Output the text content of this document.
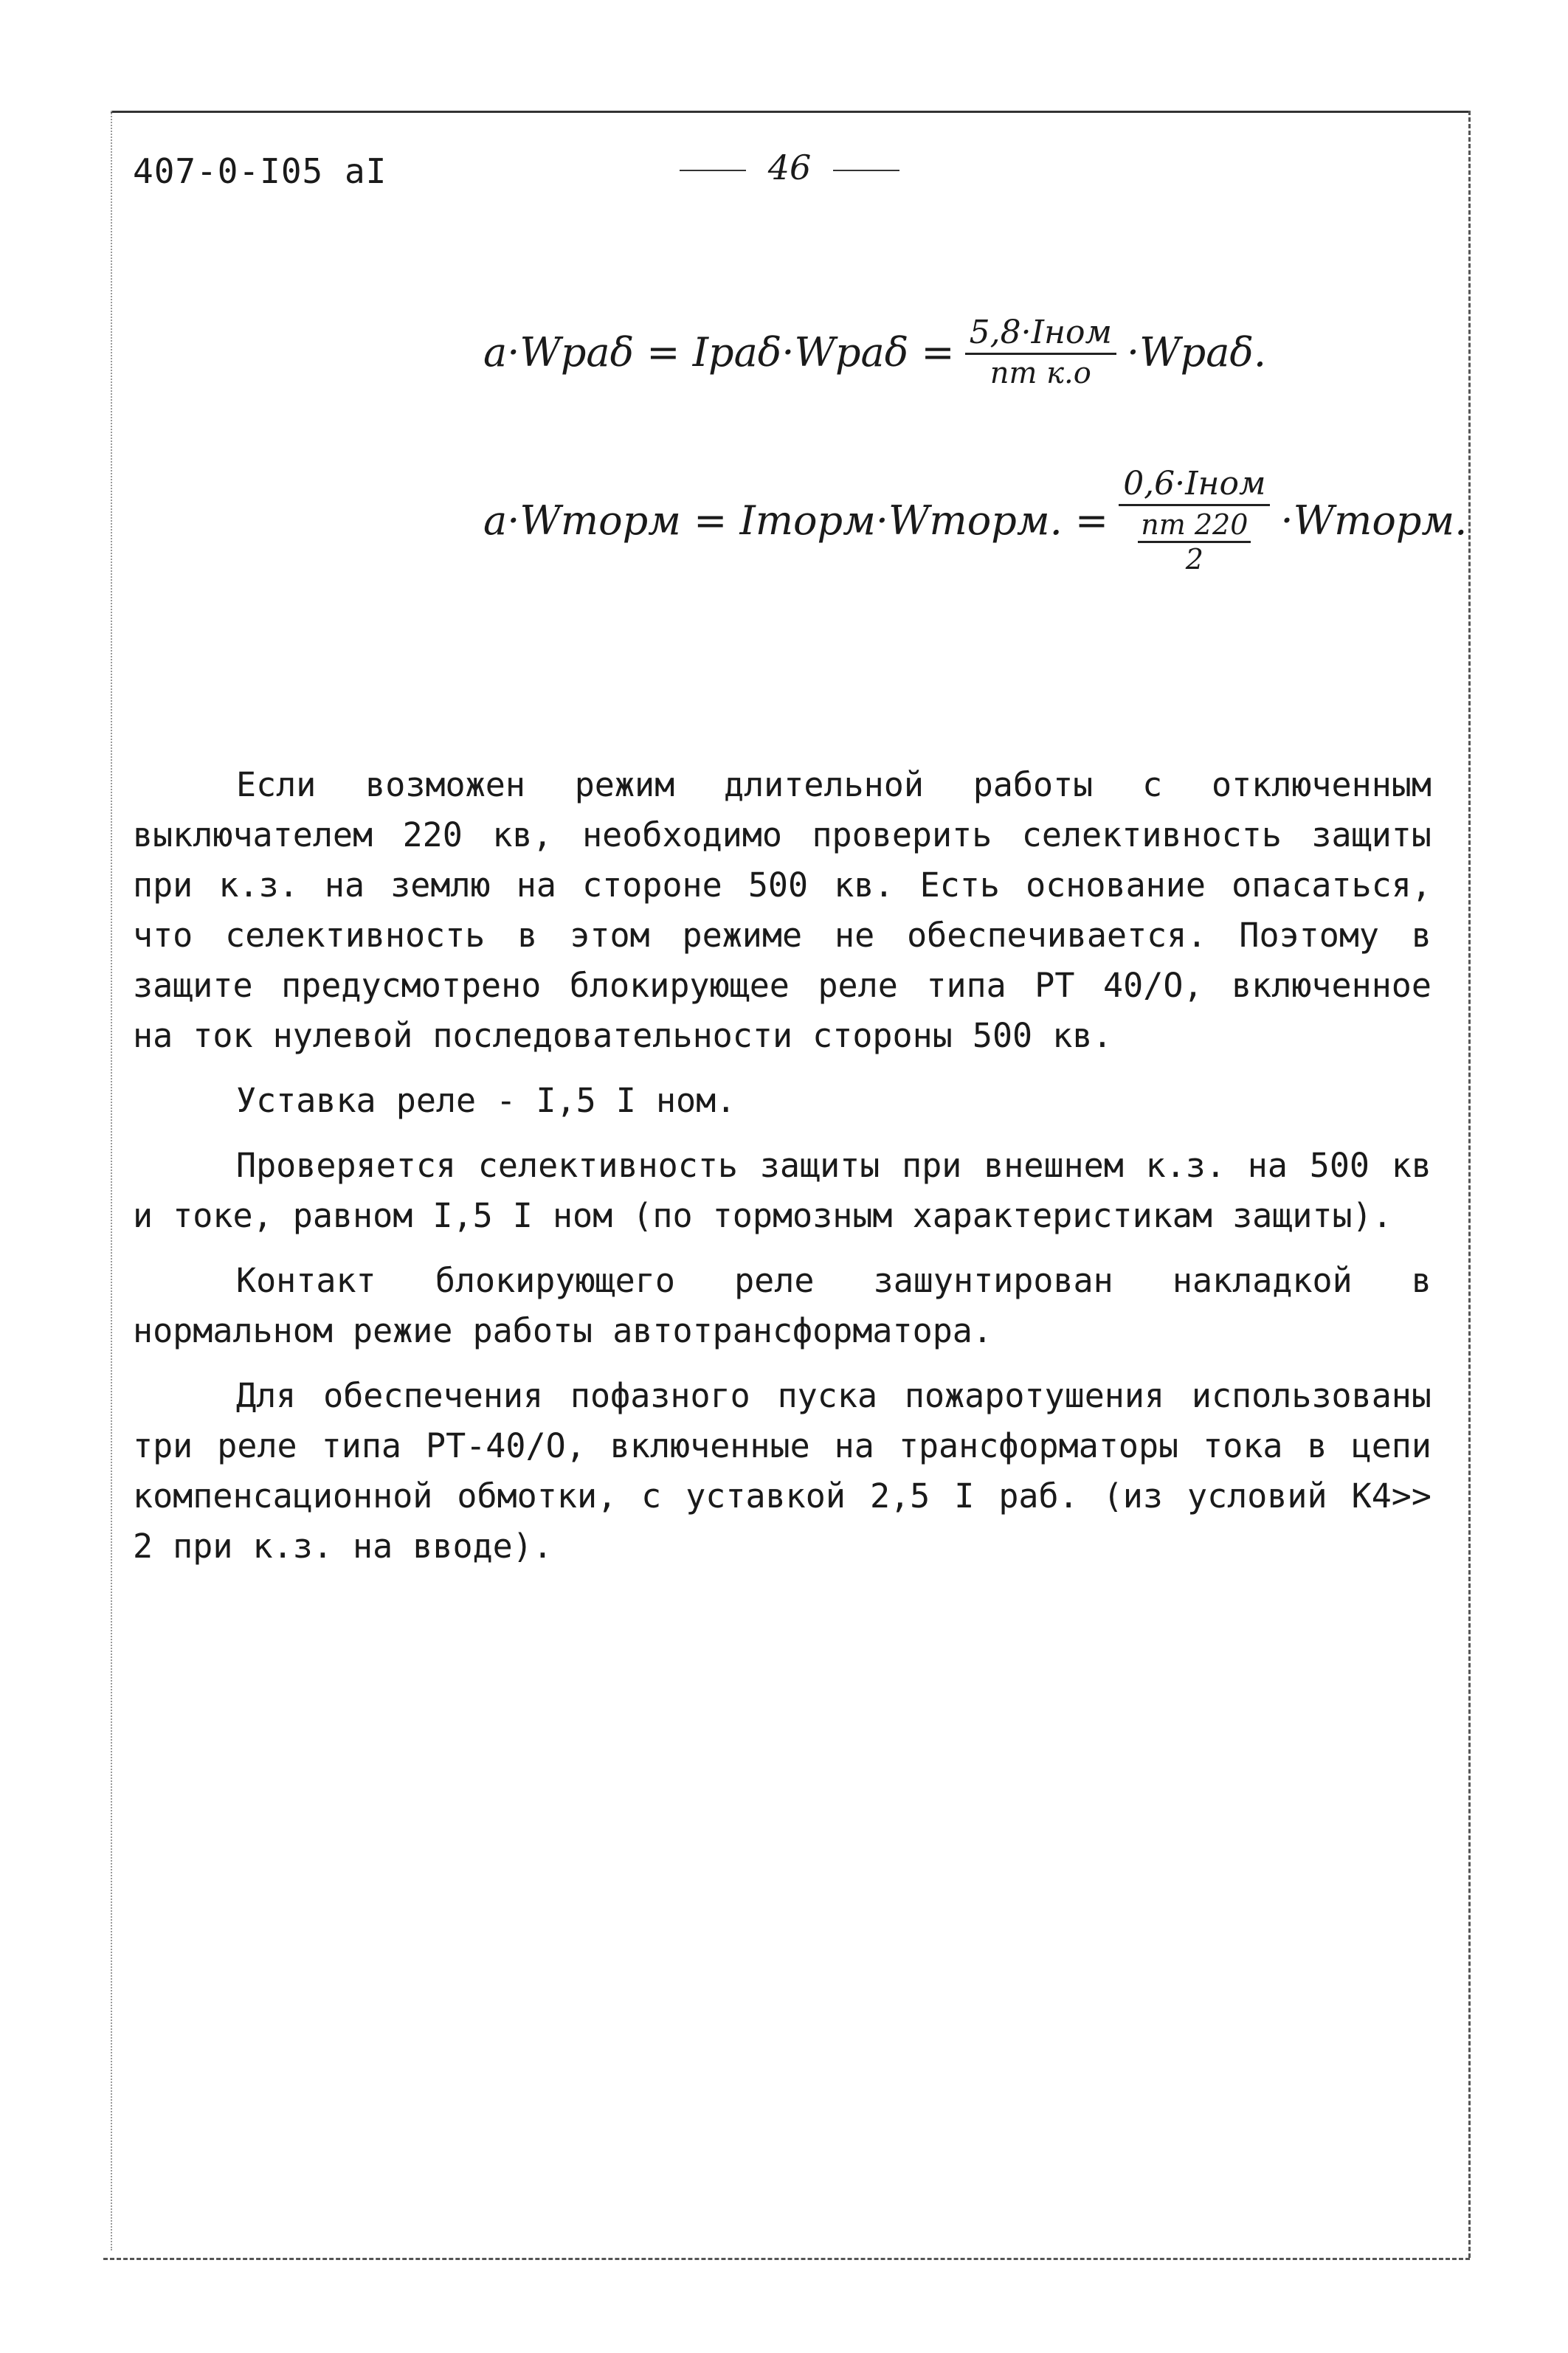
407-0-I05 aI	46
$a\cdot Wра\delta = Iра\delta\cdot Wра\delta = \frac{\text{5,8·Iном}}{\text{nт к.о}} \cdot Wра\delta$.
a·Wторм = Iторм·Wторм. = $\frac{\text{0,6·Iном}}{\frac{nт 220}{2}}$ ·Wторм.

Если возможен режим длительной работы с отключенным выключателем 220 кв, необходимо проверить селективность защиты при к.з. на землю на стороне 500 кв. Есть основание опасаться, что селективность в этом режиме не обеспечивается. Поэтому в защите предусмотрено блокирующее реле типа РТ 40/О, включенное на ток нулевой последовательности стороны 500 кв.

Уставка реле - I,5 I ном.

Проверяется селективность защиты при внешнем к.з. на 500 кв и токе, равном I,5 I ном (по тормозным характеристикам защиты).

Контакт блокирующего реле зашунтирован накладкой в нормальном режие работы автотрансформатора.

Для обеспечения пофазного пуска пожаротушения использованы три реле типа РТ-40/О, включенные на трансформаторы тока в цепи компенсационной обмотки, с уставкой 2,5 I раб. (из условий K4>> 2 при к.з. на вводе).
